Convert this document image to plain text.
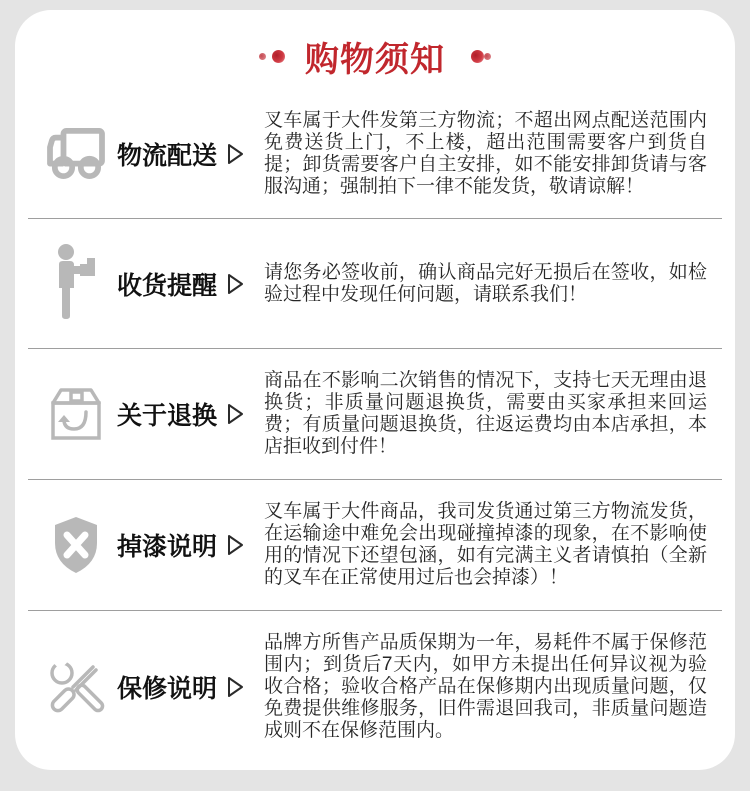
购物须知
物流配送
叉车属于大件发第三方物流；不超出网点配送范围内免费送货上门，不上楼，超出范围需要客户到货自提；卸货需要客户自主安排，如不能安排卸货请与客服沟通；强制拍下一律不能发货，敬请谅解！
收货提醒 请您务必签收前，确认商品完好无损后在签收，如检验过程中发现任何问题，请联系我们！
关于退换
商品在不影响二次销售的情况下，支持七天无理由退换货；非质量问题退换货，需要由买家承担来回运费；有质量问题退换货，往返运费均由本店承担，本店拒收到付件！
掉漆说明
叉车属于大件商品，我司发货通过第三方物流发货，在运输途中难免会出现碰撞掉漆的现象，在不影响使用的情况下还望包涵，如有完满主义者请慎拍（全新的叉车在正常使用过后也会掉漆）！
保修说明
品牌方所售产品质保期为一年，易耗件不属于保修范围内；到货后7天内，如甲方未提出任何异议视为验收合格；验收合格产品在保修期内出现质量问题，仅免费提供维修服务，旧件需退回我司，非质量问题造成则不在保修范围内。
